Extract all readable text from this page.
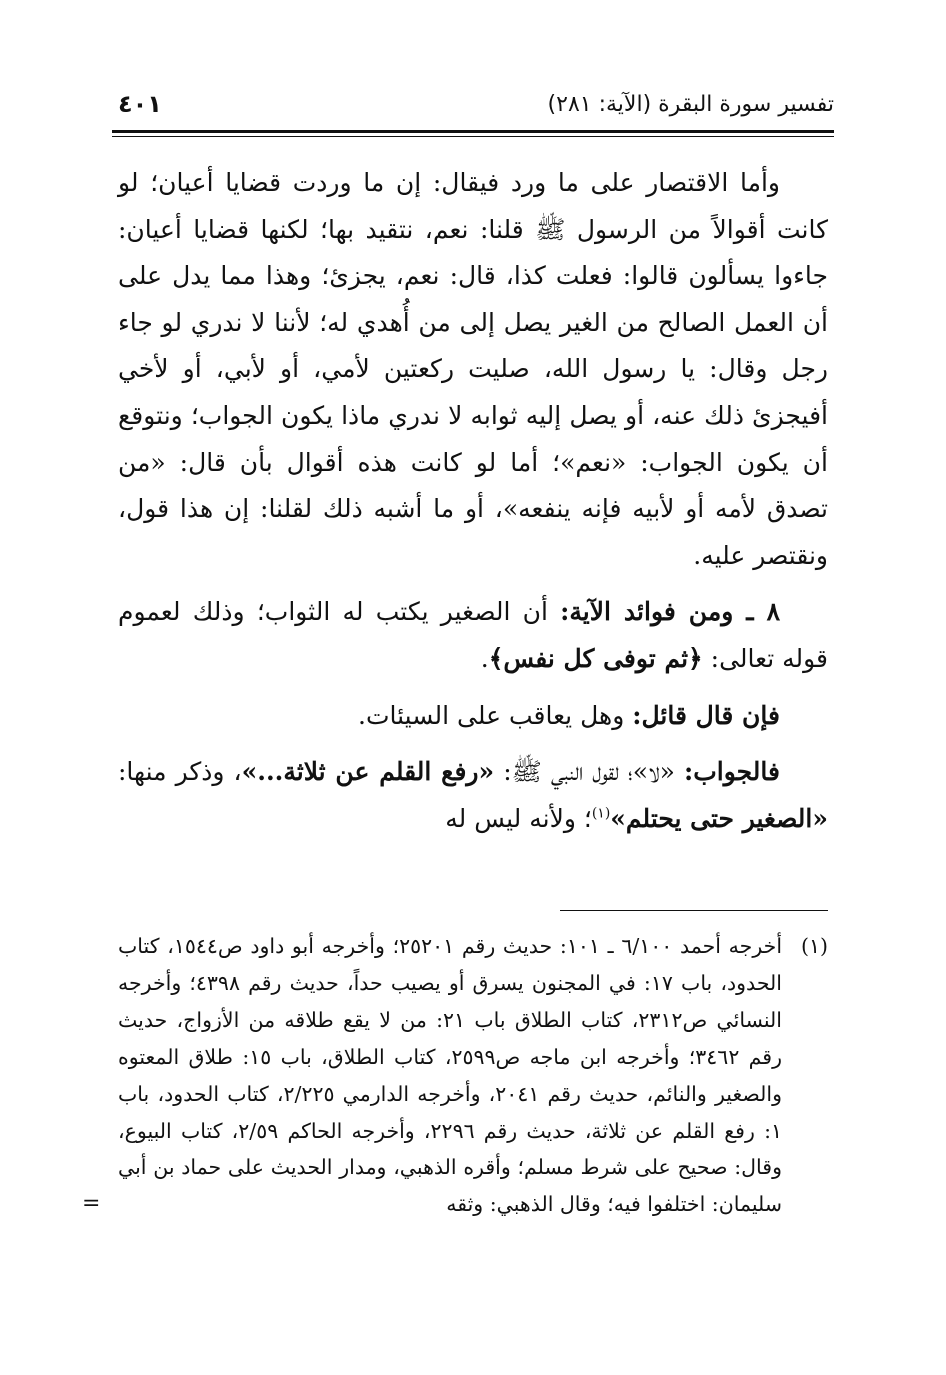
تفسير سورة البقرة (الآية: ٢٨١)
٤٠١

وأما الاقتصار على ما ورد فيقال: إن ما وردت قضايا أعيان؛ لو كانت أقوالاً من الرسول ﷺ قلنا: نعم، نتقيد بها؛ لكنها قضايا أعيان: جاءوا يسألون قالوا: فعلت كذا، قال: نعم، يجزئ؛ وهذا مما يدل على أن العمل الصالح من الغير يصل إلى من أُهدي له؛ لأننا لا ندري لو جاء رجل وقال: يا رسول الله، صليت ركعتين لأمي، أو لأبي، أو لأخي أفيجزئ ذلك عنه، أو يصل إليه ثوابه لا ندري ماذا يكون الجواب؛ ونتوقع أن يكون الجواب: «نعم»؛ أما لو كانت هذه أقوال بأن قال: «من تصدق لأمه أو لأبيه فإنه ينفعه»، أو ما أشبه ذلك لقلنا: إن هذا قول، ونقتصر عليه.

٨ ـ ومن فوائد الآية: أن الصغير يكتب له الثواب؛ وذلك لعموم قوله تعالى: ﴿ثم توفى كل نفس﴾.

فإن قال قائل: وهل يعاقب على السيئات.

فالجواب: «لا»؛ لقول النبي ﷺ: «رفع القلم عن ثلاثة...»، وذكر منها: «الصغير حتى يحتلم»$^{(١)}$؛ ولأنه ليس له

(١)
أخرجه أحمد ٦/١٠٠ ـ ١٠١: حديث رقم ٢٥٢٠١؛ وأخرجه أبو داود ص١٥٤٤، كتاب الحدود، باب ١٧: في المجنون يسرق أو يصيب حداً، حديث رقم ٤٣٩٨؛ وأخرجه النسائي ص٢٣١٢، كتاب الطلاق باب ٢١: من لا يقع طلاقه من الأزواج، حديث رقم ٣٤٦٢؛ وأخرجه ابن ماجه ص٢٥٩٩، كتاب الطلاق، باب ١٥: طلاق المعتوه والصغير والنائم، حديث رقم ٢٠٤١، وأخرجه الدارمي ٢/٢٢٥، كتاب الحدود، باب ١: رفع القلم عن ثلاثة، حديث رقم ٢٢٩٦، وأخرجه الحاكم ٢/٥٩، كتاب البيوع، وقال: صحيح على شرط مسلم؛ وأقره الذهبي، ومدار الحديث على حماد بن أبي سليمان: اختلفوا فيه؛ وقال الذهبي: وثقه
=
